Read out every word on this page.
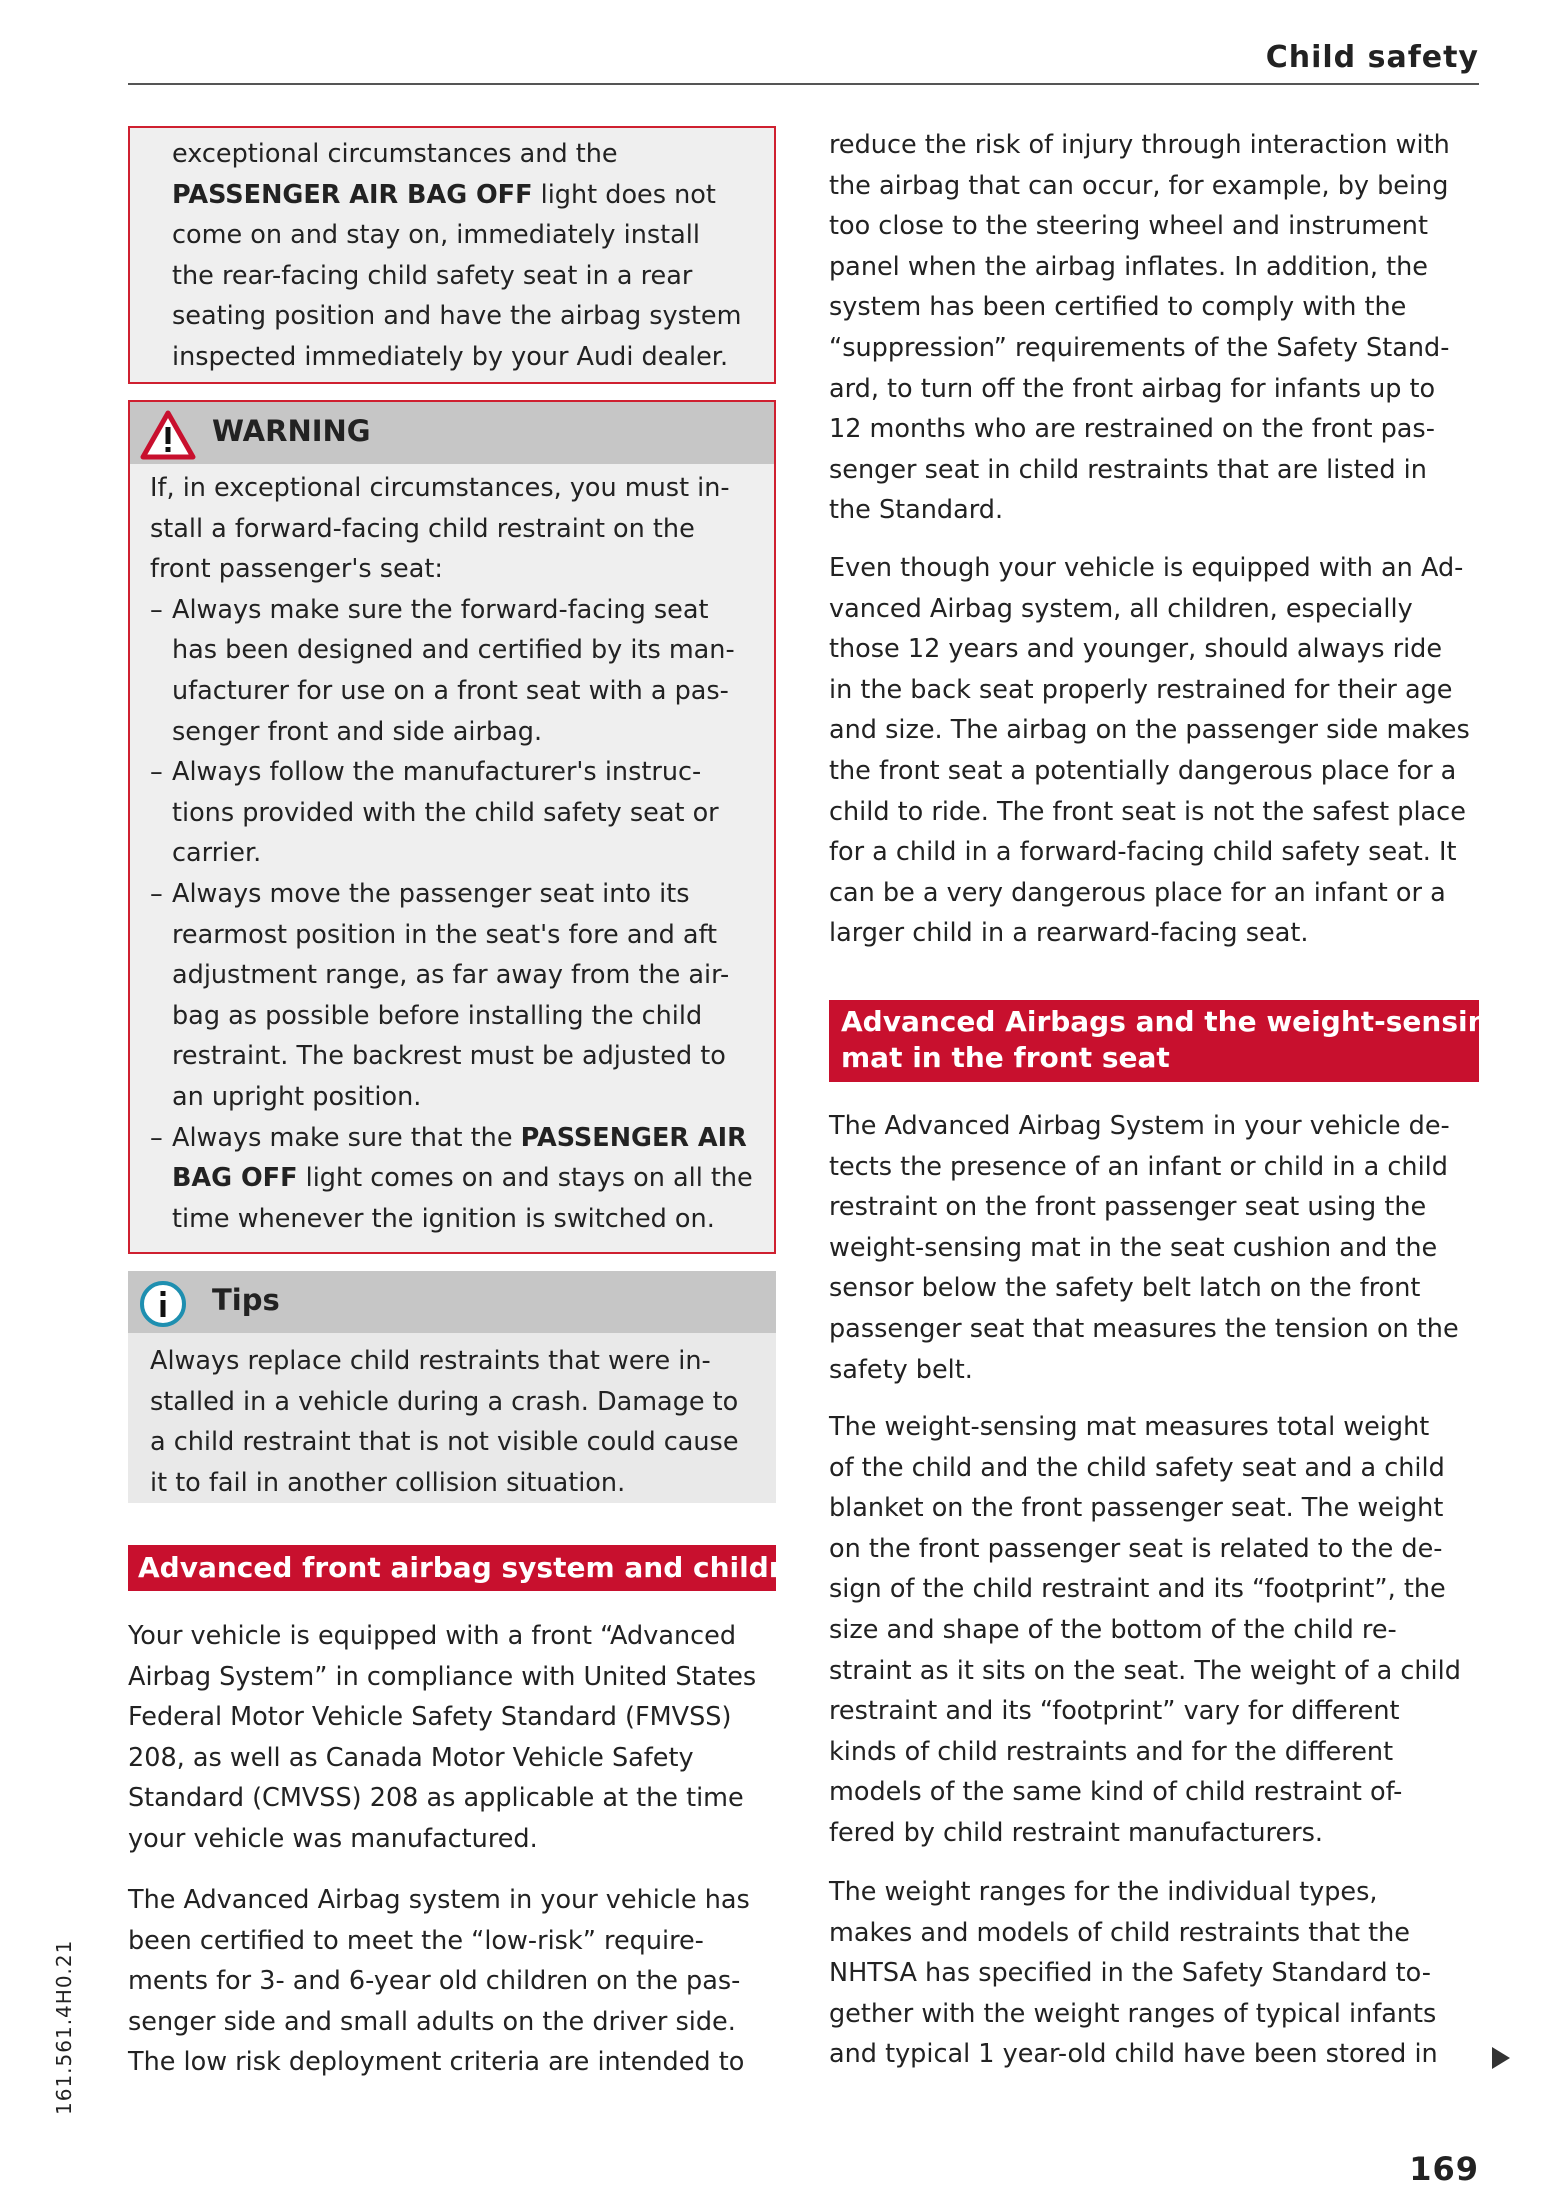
Child safety
exceptional circumstances and the
PASSENGER AIR BAG OFF light does not
come on and stay on, immediately install
the rear-facing child safety seat in a rear
seating position and have the airbag system
inspected immediately by your Audi dealer.
WARNING
If, in exceptional circumstances, you must in-
stall a forward-facing child restraint on the
front passenger's seat:
– Always make sure the forward-facing seat
has been designed and certified by its man-
ufacturer for use on a front seat with a pas-
senger front and side airbag.
– Always follow the manufacturer's instruc-
tions provided with the child safety seat or
carrier.
– Always move the passenger seat into its
rearmost position in the seat's fore and aft
adjustment range, as far away from the air-
bag as possible before installing the child
restraint. The backrest must be adjusted to
an upright position.
– Always make sure that the PASSENGER AIR
BAG OFF light comes on and stays on all the
time whenever the ignition is switched on.
Tips
Always replace child restraints that were in-
stalled in a vehicle during a crash. Damage to
a child restraint that is not visible could cause
it to fail in another collision situation.
Advanced front airbag system and children
Your vehicle is equipped with a front “Advanced
Airbag System” in compliance with United States
Federal Motor Vehicle Safety Standard (FMVSS)
208, as well as Canada Motor Vehicle Safety
Standard (CMVSS) 208 as applicable at the time
your vehicle was manufactured.
The Advanced Airbag system in your vehicle has
been certified to meet the “low-risk” require-
ments for 3- and 6-year old children on the pas-
senger side and small adults on the driver side.
The low risk deployment criteria are intended to
reduce the risk of injury through interaction with
the airbag that can occur, for example, by being
too close to the steering wheel and instrument
panel when the airbag inflates. In addition, the
system has been certified to comply with the
“suppression” requirements of the Safety Stand-
ard, to turn off the front airbag for infants up to
12 months who are restrained on the front pas-
senger seat in child restraints that are listed in
the Standard.
Even though your vehicle is equipped with an Ad-
vanced Airbag system, all children, especially
those 12 years and younger, should always ride
in the back seat properly restrained for their age
and size. The airbag on the passenger side makes
the front seat a potentially dangerous place for a
child to ride. The front seat is not the safest place
for a child in a forward-facing child safety seat. It
can be a very dangerous place for an infant or a
larger child in a rearward-facing seat.
Advanced Airbags and the weight-sensing
mat in the front seat
The Advanced Airbag System in your vehicle de-
tects the presence of an infant or child in a child
restraint on the front passenger seat using the
weight-sensing mat in the seat cushion and the
sensor below the safety belt latch on the front
passenger seat that measures the tension on the
safety belt.
The weight-sensing mat measures total weight
of the child and the child safety seat and a child
blanket on the front passenger seat. The weight
on the front passenger seat is related to the de-
sign of the child restraint and its “footprint”, the
size and shape of the bottom of the child re-
straint as it sits on the seat. The weight of a child
restraint and its “footprint” vary for different
kinds of child restraints and for the different
models of the same kind of child restraint of-
fered by child restraint manufacturers.
The weight ranges for the individual types,
makes and models of child restraints that the
NHTSA has specified in the Safety Standard to-
gether with the weight ranges of typical infants
and typical 1 year-old child have been stored in
161.561.4H0.21
169
